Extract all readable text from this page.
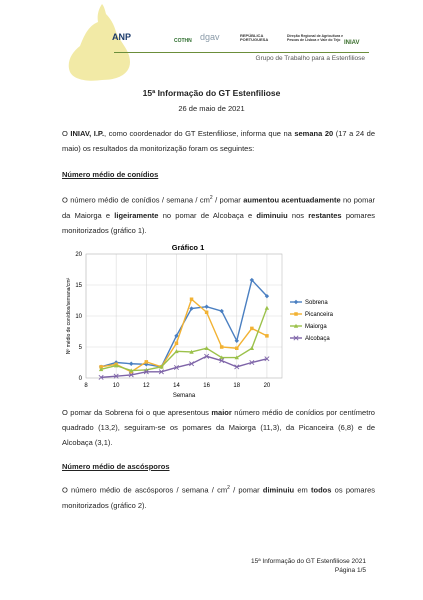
ANP	COTHN dgav	REPÚBLICA PORTUGUESA
Direção Regional de Agricultura e Pescas de Lisboa e Vale do Tejo INIAV
Grupo de Trabalho para a Estenfiliose
15ª Informação do GT Estenfiliose
26 de maio de 2021
O INIAV, I.P., como coordenador do GT Estenfiliose, informa que na semana 20 (17 a 24 de maio) os resultados da monitorização foram os seguintes:
Número médio de conídios
O número médio de conídios / semana / $cm^2$ / pomar aumentou acentuadamente no pomar da Maiorga e ligeiramente no pomar de Alcobaça e diminuiu nos restantes pomares monitorizados (gráfico 1).
Gráfico 1
0
5
10
15
20
8	10	12	14	16	18	20
Semana
Nº médio de conídios/semana/cm²	Sobrena
Picanceira
Maiorga
Alcobaça
O pomar da Sobrena foi o que apresentous maior número médio de conídios por centímetro quadrado (13,2), seguiram-se os pomares da Maiorga (11,3), da Picanceira (6,8) e de Alcobaça (3,1).
Número médio de ascósporos
O número médio de ascósporos / semana / $cm^2$ / pomar diminuiu em todos os pomares monitorizados (gráfico 2).
15ª Informação do GT Estenfiliose 2021
Página 1/5
